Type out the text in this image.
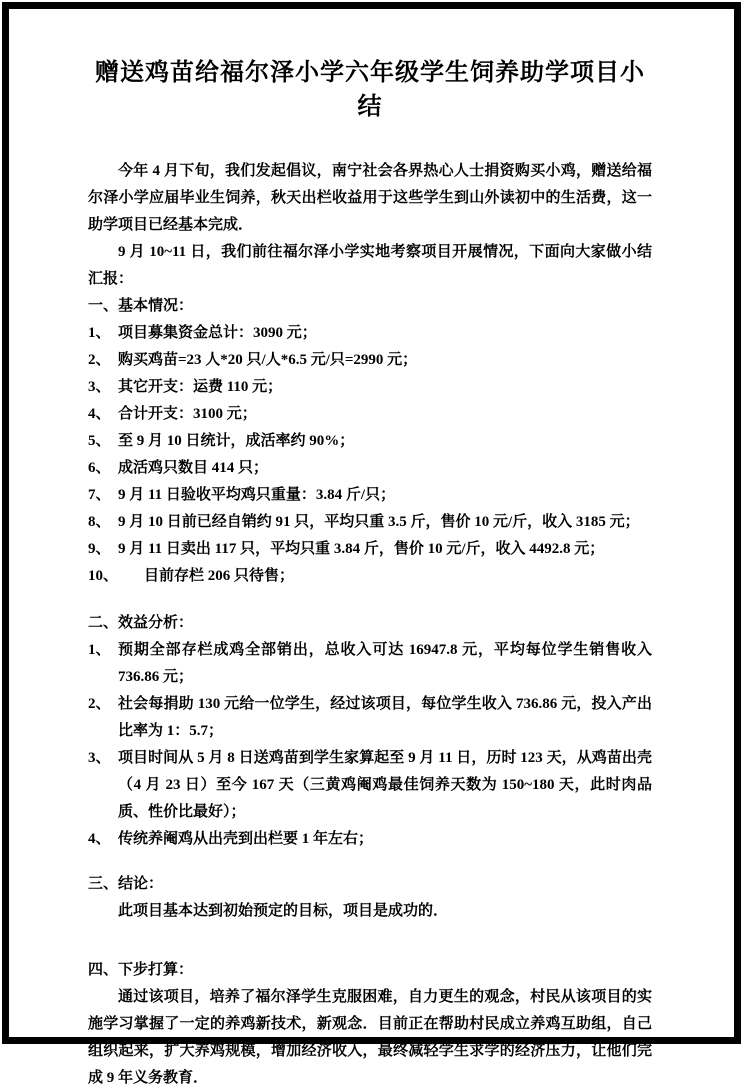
赠送鸡苗给福尔泽小学六年级学生饲养助学项目小结

今年 4 月下旬，我们发起倡议，南宁社会各界热心人士捐资购买小鸡，赠送给福尔泽小学应届毕业生饲养，秋天出栏收益用于这些学生到山外读初中的生活费，这一助学项目已经基本完成．

9 月 10~11 日，我们前往福尔泽小学实地考察项目开展情况，下面向大家做小结汇报：

一、基本情况：
1、 项目募集资金总计：3090 元；
2、 购买鸡苗=23 人*20 只/人*6.5 元/只=2990 元；
3、 其它开支：运费 110 元；
4、 合计开支：3100 元；
5、 至 9 月 10 日统计，成活率约 90%；
6、 成活鸡只数目 414 只；
7、 9 月 11 日验收平均鸡只重量：3.84 斤/只；
8、 9 月 10 日前已经自销约 91 只，平均只重 3.5 斤，售价 10 元/斤，收入 3185 元；
9、 9 月 11 日卖出 117 只，平均只重 3.84 斤，售价 10 元/斤，收入 4492.8 元；
10、	目前存栏 206 只待售；
二、效益分析：
1、 预期全部存栏成鸡全部销出，总收入可达 16947.8 元，平均每位学生销售收入 736.86 元；
2、 社会每捐助 130 元给一位学生，经过该项目，每位学生收入 736.86 元，投入产出比率为 1：5.7；
3、 项目时间从 5 月 8 日送鸡苗到学生家算起至 9 月 11 日，历时 123 天，从鸡苗出壳（4 月 23 日）至今 167 天（三黄鸡阉鸡最佳饲养天数为 150~180 天，此时肉品质、性价比最好）；
4、 传统养阉鸡从出壳到出栏要 1 年左右；
三、结论：

此项目基本达到初始预定的目标，项目是成功的．

四、下步打算：

通过该项目，培养了福尔泽学生克服困难，自力更生的观念，村民从该项目的实施学习掌握了一定的养鸡新技术，新观念．目前正在帮助村民成立养鸡互助组，自己组织起来，扩大养鸡规模，增加经济收入，最终减轻学生求学的经济压力，让他们完成 9 年义务教育．
